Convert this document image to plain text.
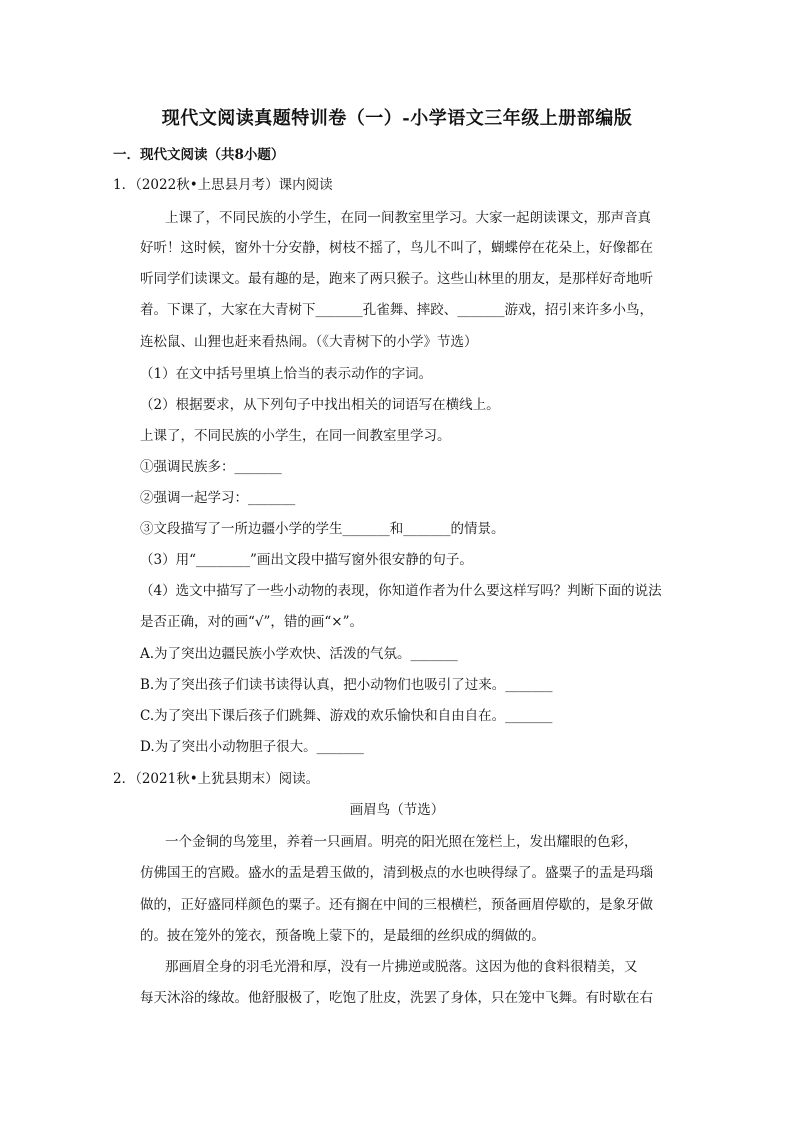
现代文阅读真题特训卷（一）-小学语文三年级上册部编版
一．现代文阅读（共8小题）
1．（2022秋•上思县月考）课内阅读
上课了，不同民族的小学生，在同一间教室里学习。大家一起朗读课文，那声音真
好听！这时候，窗外十分安静，树枝不摇了，鸟儿不叫了，蝴蝶停在花朵上，好像都在
听同学们读课文。最有趣的是，跑来了两只猴子。这些山林里的朋友，是那样好奇地听
着。下课了，大家在大青树下_______孔雀舞、摔跤、_______游戏，招引来许多小鸟，
连松鼠、山狸也赶来看热闹。（《大青树下的小学》节选）
（1）在文中括号里填上恰当的表示动作的字词。
（2）根据要求，从下列句子中找出相关的词语写在横线上。
上课了，不同民族的小学生，在同一间教室里学习。
①强调民族多：_______
②强调一起学习：_______
③文段描写了一所边疆小学的学生_______和_______的情景。
（3）用“________”画出文段中描写窗外很安静的句子。
（4）选文中描写了一些小动物的表现，你知道作者为什么要这样写吗？判断下面的说法
是否正确，对的画“√”，错的画“×”。
A.为了突出边疆民族小学欢快、活泼的气氛。_______
B.为了突出孩子们读书读得认真，把小动物们也吸引了过来。_______
C.为了突出下课后孩子们跳舞、游戏的欢乐愉快和自由自在。_______
D.为了突出小动物胆子很大。_______
2．（2021秋•上犹县期末）阅读。
画眉鸟（节选）
一个金铜的鸟笼里，养着一只画眉。明亮的阳光照在笼栏上，发出耀眼的色彩，
仿佛国王的宫殿。盛水的盂是碧玉做的，清到极点的水也映得绿了。盛粟子的盂是玛瑙
做的，正好盛同样颜色的粟子。还有搁在中间的三根横栏，预备画眉停歇的，是象牙做
的。披在笼外的笼衣，预备晚上蒙下的，是最细的丝织成的绸做的。
那画眉全身的羽毛光滑和厚，没有一片拂逆或脱落。这因为他的食料很精美，又
每天沐浴的缘故。他舒服极了，吃饱了肚皮，洗罢了身体，只在笼中飞舞。有时歇在右
